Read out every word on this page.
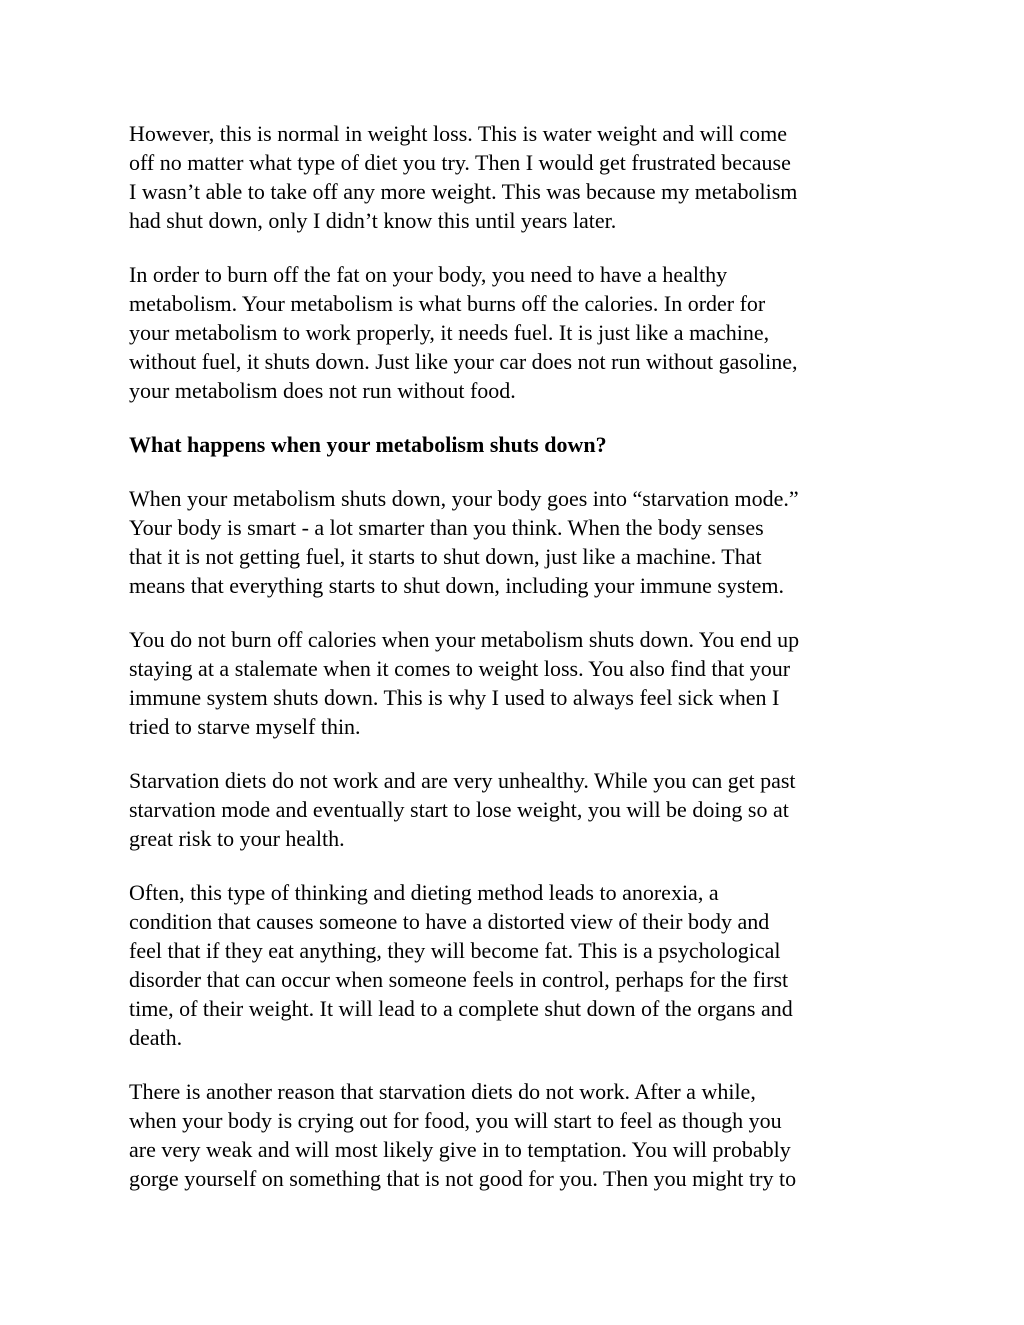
However, this is normal in weight loss. This is water weight and will come
off no matter what type of diet you try. Then I would get frustrated because
I wasn’t able to take off any more weight. This was because my metabolism
had shut down, only I didn’t know this until years later.

In order to burn off the fat on your body, you need to have a healthy
metabolism. Your metabolism is what burns off the calories. In order for
your metabolism to work properly, it needs fuel. It is just like a machine,
without fuel, it shuts down. Just like your car does not run without gasoline,
your metabolism does not run without food.

What happens when your metabolism shuts down?

When your metabolism shuts down, your body goes into “starvation mode.”
Your body is smart - a lot smarter than you think. When the body senses
that it is not getting fuel, it starts to shut down, just like a machine. That
means that everything starts to shut down, including your immune system.

You do not burn off calories when your metabolism shuts down. You end up
staying at a stalemate when it comes to weight loss. You also find that your
immune system shuts down. This is why I used to always feel sick when I
tried to starve myself thin.

Starvation diets do not work and are very unhealthy. While you can get past
starvation mode and eventually start to lose weight, you will be doing so at
great risk to your health.

Often, this type of thinking and dieting method leads to anorexia, a
condition that causes someone to have a distorted view of their body and
feel that if they eat anything, they will become fat. This is a psychological
disorder that can occur when someone feels in control, perhaps for the first
time, of their weight. It will lead to a complete shut down of the organs and
death.

There is another reason that starvation diets do not work. After a while,
when your body is crying out for food, you will start to feel as though you
are very weak and will most likely give in to temptation. You will probably
gorge yourself on something that is not good for you. Then you might try to
